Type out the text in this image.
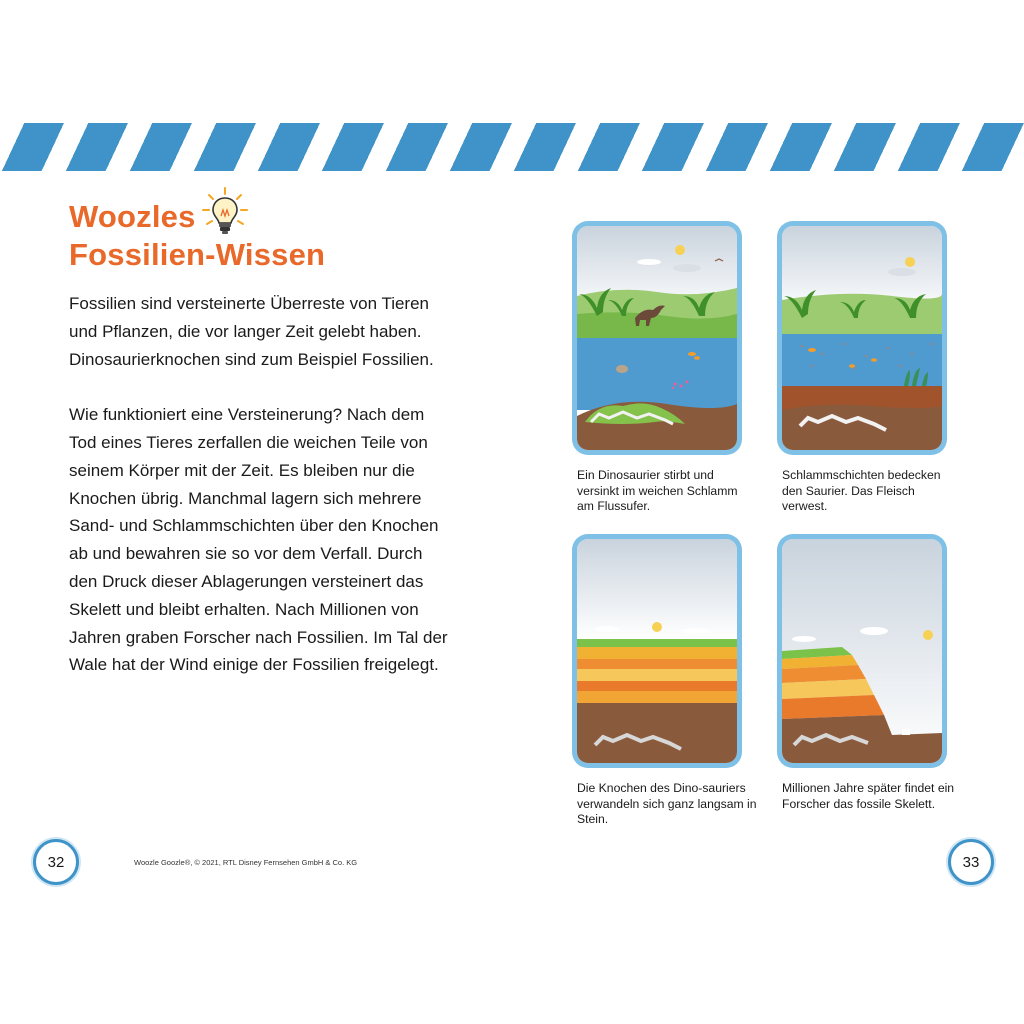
Woozles
Fossilien-Wissen

Fossilien sind versteinerte Überreste von Tieren und Pflanzen, die vor langer Zeit gelebt haben. Dinosaurierknochen sind zum Beispiel Fossilien.

Wie funktioniert eine Versteinerung? Nach dem Tod eines Tieres zerfallen die weichen Teile von seinem Körper mit der Zeit. Es bleiben nur die Knochen übrig. Manchmal lagern sich mehrere Sand- und Schlammschichten über den Knochen ab und bewahren sie so vor dem Verfall. Durch den Druck dieser Ablagerungen versteinert das Skelett und bleibt erhalten. Nach Millionen von Jahren graben Forscher nach Fossilien. Im Tal der Wale hat der Wind einige der Fossilien freigelegt.

Ein Dinosaurier stirbt und versinkt im weichen Schlamm am Flussufer.
Schlammschichten bedecken den Saurier. Das Fleisch verwest.
Die Knochen des Dino-sauriers verwandeln sich ganz langsam in Stein.
Millionen Jahre später findet ein Forscher das fossile Skelett.
32	Woozle Goozle®, © 2021, RTL Disney Fernsehen GmbH & Co. KG	33
